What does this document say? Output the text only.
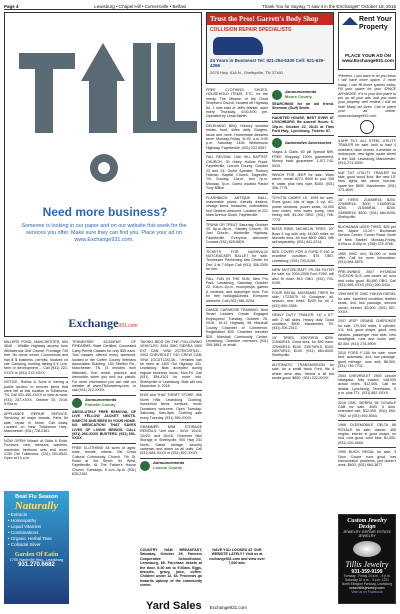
Page 4	Lewisburg • Chapel Hill • Cornersville • Belfast	Thank You for Saying, "I saw it in the EXchange!" October 19, 2016
Need more business?
Someone is looking in our paper and on our website this week for the services you offer. Make sure they can find you. Place your ad on www.Exchange931.com.
Exchange931.com
MILLERS POND, MANCHESTER, 654 3648 - Wildlife Highway access from Willowbrook Golf Course. Frontage 749 feet. No home owner. Commercial and has $ $ business, permits, stocked on site. Camping, hunting, fishing & it. Live, farm or development.... Call (931) 222-XXXX or (931) 212-XXXX.
NOTICE, Rollins & Sons is having a public auction to recover items that were left at this location in Tullahoma, TN. Call 931-455-XXXX or view at www.(931) 247-XXXX. October 20, 2016, 9:00a.m.
APPLIANCE REPAIR SERVICE. Servicing all major brands. Parts for sale, repair in home. Call today. Located on New Tullahoma Hwy., Manchester. (931) 728-2361.
NOW OPEN! Wizard of Odds & Ends. Furniture, new, dressers, washers, wardrobe, bedroom sets and more. 2150 Old Tullahoma. (331) 253-8543. Open at 10 a.m.
Beat Flu Season
Naturally
• Extracts
• Homeopathy
• Liquid Vitamins
• Combinations
• Organic Herbal Teas
• Colloidal Silver
Garden Of Eatin
1705 Nashville Hwy., Lewisburg
931.270.6682
TENNESSEE ACADEMY OF FIREARMS. State Certified, Concealed Carry Permit Classes for only $55 each. Two classes offered every weekend, located in the Coffee County Veterans Association Building, 150 Shelton Rd., Manchester, TN. (5 minutes from Walmart). Gun rental, practice and instruction when you rent our pistols. For more information you can visit our website at www.TNAcademy.com, or call (931) 212-XXXX.
Announcements
Franklin County
ABSOLUTELY FREE REMOVAL OF LIVE YELLOW JACKET NESTS. INSECTS AND BEES IN YOUR HOME. NO MEDICATION! THAT SAVES LIVES OF LIVING BEINGS. CALL (931) 266-XXXX BUSTERS. (931) 691-XXXX.
FREE CLOTHING! All sizes of ages: male, female, infants. Old Cross Cultural Community Church. 7th St. Road at 3rd Street. 64 West, Fayetteville. At The Father's House Church. Tuesdays, 9 a.m.-3p.m. (931) 625-2162.
TAKING BIDS ON THE FOLLOWING VEHICLES: 2004 GMC SIERRA 1500 EXT CAB, VIN# 2GTEK19T541... 2003 CHEVROLET S10 CREW CAB, VIN# 1GCDT13X13K... Vehicles can be seen at 1400 Old Highway 431, Lewisburg. Bids accepted during regular business hours, Mon-Fri. Call (931) 359-4101 for more info. Shelbyville or Lewisburg. Bids will end November 5, 2016.
EHIS and THAT THRIFT STORE, 506 North Hills, Lewisburg. Clothing, household items, furniture, more! Donations welcome. Open Tuesday-Saturday, 9am-5pm. Clothing sale every Tuesday. (931) 359-XXXX.
GRAMMER MINI STORAGE RENTALS. Unit size - 5x10, 10x10, 10x20, and 10x15. Grammer Mini Storage in Shelbyville, 500 Hwy 231 North. Gated storage, security cameras, and alarm on all units. Call (931) 684-XXXX or (931) 607-XXXX.
Announcements
Lincoln County
Trust the Pros! Garrett's Body Shop
COLLISION REPAIR SPECIALISTS
24 Years in Business! Tel: 921-294-5330 Cell: 921-639-4396
2678 Hwy. 41A N., Shelbyville, TN 37160
FREE CLOTHING, SHOES, HOUSEHOLD ITEMS, ETC. for the needy. The Mission of the Good Shepherd Church, located off Highway 64, 1 mile east of Jeff's Market, open every Thursday, 6:00-8:00 pm. Operated by Linda Martin.
DELEHANO BBQ: Hickory smoked meats, food, sides daily. Burgers, tacos and more. Homemade desserts here! Monday-Friday 11:00 a.m.-9:00 p.m. Saturday 1436 Whitehouse Highway, Fayetteville. (931) 227-8397.
FALL REVIVAL: OAK HILL BAPTIST CHURCH, 39 Haley Hollow Road, Fayetteville, Lincoln County. October 23 and 24. Guest Speaker, Rodney Holman, Baptist Church, Eagleville, TN. Sunday, 11a.m. and 7p.m. Monday, 7p.m. Guest vocalist Pastor Tony Billion.
FLASHBACK ANTIQUE MALL, reasonable prices, friendly dealers, vintage items, treasures, collectables too! Dealers welcome. Located at 221 Main Avenue South, Fayetteville.
TRUNK OR TREAT. Saturday, October 29, 6p.m.-8p.m., Stanley Church, 39 Joel Church, Huntsville Highway, Fayetteville. Everyone welcome! Contact (931) 625-6829.
TICKETS FOR NASHVILLE NUTCRACKER BALLET for sale. Tennessee Performing Arts Center for Dec 3 at 7:00pm Call (931) 306-2500 for info.
FALL FUN IN THE SUN, New Pro Park, Lewisburg, Saturday, October 22, 10a.m.-2p.m., moonjumps, games & contests, and scavenger hunt. Fun for free hotdogs&drinks. Everyone welcome. Call (931) 581-0208.
DANCE CARNEGIE TRAINING. Nine Smart Leaders Create Engaged Employees! Tuesday, October 25, 2016, 10-12 Highway 96 Marshall County Chamber of Commerce. Registration $39. Chamber member $25. Marshall Community Center, Lewisburg. Chamber members (931) 359-3863, or email.
Announcements
Moore County
SEARCHING for an old friend. Sherman (Gulf) Smith.
HAUNTED HOUSE, BEST EVER AT LYNCHBURG. Be scared! Hours: 6-10p.m. October 22, 28-31 at Tims Ford Hwy., Lynchburg. Tickets: $7.
Automotive Accessories
Viagra & Cialis. 50 pill Special $99. FREE Shipping! 100% guaranteed. Money back guarantee! 1-877-743-5419.
WINCH FOR JEEP for sale. Warn winch, model 8274, 8000 lb. pull, 150 ft. cable, plus new rope, $400. (931) 308-7775.
TOYOTA CAMRY LE, 1994 for sale: Runs good, lots of tags, 4 cyl, AC, power windows, power seats, 10,000 new clutch, new water pump, new timing belt, $1,000 OBO. (931) 796-7775.
BOSS RIMS, MICHELIN TIRES, 20" Boss 5 lug with only 15,000 miles on Michelin tires. All four $600 OBO. Will sell separately. (931) 841-2214.
BED COVER FOR A FORD F-150 in excellent condition. $75 OBO. Lewisburg. (931) 703-0155.
NEW MOTORCRAFT FR-784 FILTER for sale, for 2004-2008 Ford F250, will also fit most. $10 OBO. (931) 703-0150.
FOUR RATIAL MUSSMAN TIRES for sale, LT235/75 16 Goodyear, all-season, new tread. $200 for all 4. (931) 659-3396.
HEAVY DUTY TRAILER, 16' x 6'7" with 2' tall sides. Heavy duty. Good condition. $900. Manchester, TN. (931) 306-2313.
15" TIRES: 205/70R15, $200. 215/60R15. Good tires, for $40 each. 225/60R15, $100. 235/70R15, $100. 265/70R15, $100. (931) 684-6000, Shelbyville.
AUTOMATIC TRANSMISSION for sale, for a small block Ford, fits 4 wheel drive also. Needs a kit but works good. $600. (931) 222-XXXX.
Rent Your Property
PLACE YOUR AD ON www.Exchange931.com
*Renters, I just want to let you know I will have more space. 2 more today. I can fill those spaces today. Fill your space for your SPACE ANYMORE. If it is your first place to put up all your ads and you want your property well rented, I will do that! Many ad sizes. Call or place your ad online, www.exchange931.com.
4.5HP TILT, ALL STEEL UTILITY TRAILER for sale, built to haul 4 wheelers, lawn mower, 4-wheeler or motorcycle, new lights, spare wheel & tire, 5x8. Lewisburg, Manchester. (931) 271-4000.
5x8' TILT UTILITY TRAILER for sale, good wood floor, like new 15" tires, lights, tail, winch, tow-bar, spare tire, $650. Manchester. (931) 273-4000.
16" TIRES: 215/65R16, $200. 225/65R16, $200. 215/60R16, $200. 215/55R16, $200. 235/65R16, $200. (931) 684-6200, Shelbyville.
BUCHANAN USED TIRES, $25 per tire, Alpine 13-20+. Buchanan Service Center, Comer Road, North of New Market. Monday-Friday, 8:00a.m.-5:00p.m. (256) 379-4766.
1965 GMC 4x4, $4,000 or best offer. Call for more information. (931) 684-5878.
PRE-OWNED 2007 HYUNDAI TUCSON GLS, one owner, all, runs and looks good, $5,850 OBO. Call (931) 695-XXXX (931) 260-3434.
1995 WHITE GMC YUKON DIESEL for sale, excellent condition, leather seats, 4x4, tow package, second owner, funded, $3,500. (931) 607-XXXX.
2007 JEEP GRAND CHEROKEE for sale, 170,000 miles, 6 cylinder, V-6, 4x4, good shape, good, new window, passenger rear side, new headlights, runs and looks well, $2,300. (931) 278-5909.
2010 FORD F-150 for sale, short bed, automatic, 4x4, tow package, good mileage, runs well, $6,500. (931) 739-7702.
2004 CHEVROLET 2500 Lincoln Navigator, fully loaded, 148,000 actual miles, $12,500. Call for details. Lynchburg, Tennessee, 9 p.m. plus TTL. (931) 682-XXXX.
2016 GMC SIERRA 5E DOUBLE CAB for sale, 4WD, 4 door, extended cab, $32,000. (931) 693-7982, or (931) 692-9003.
1966 OLDSMOBILE DELTA 88 ROYALE for sale, classic, 455 engine, interior in good shape, no rust, runs good, color blue, $1,000. (931) 220-4648.
1999 BUICK REGAL for sale, 3 Door, Coupe, runs good, has transmission problems, just doesn't work, $600. (931) 684-3877.
Yard Sales Exchange931.com
Custom Jewelry Design
JEWELRY REPAIR ESTATE JEWELRY
Tillis Jewelry
931-359-9199
Tuesday - Friday 10 a.m. - 5 p.m. Saturday 10 a.m. - 3 p.m. 1221 North Ellington Parkway, Lewisburg
www.tillisjewelry.com
Visit us on Facebook
COUNTRY HAM BREAKFAST, Saturday, October 29, Farmers Cooperative Schoolhouse, Lewisburg, $8. Purchase tickets at the door, 6:30 am to 9:30am. Eggs, biscuits, gravy, juice, coffee. Children under 12, $4. Proceeds go towards upkeep of the community center.
HAVE YOU LOOKED AT OUR WEBSITE LATELY? Visit us at exchange931.com and view over 7,000 ads.
